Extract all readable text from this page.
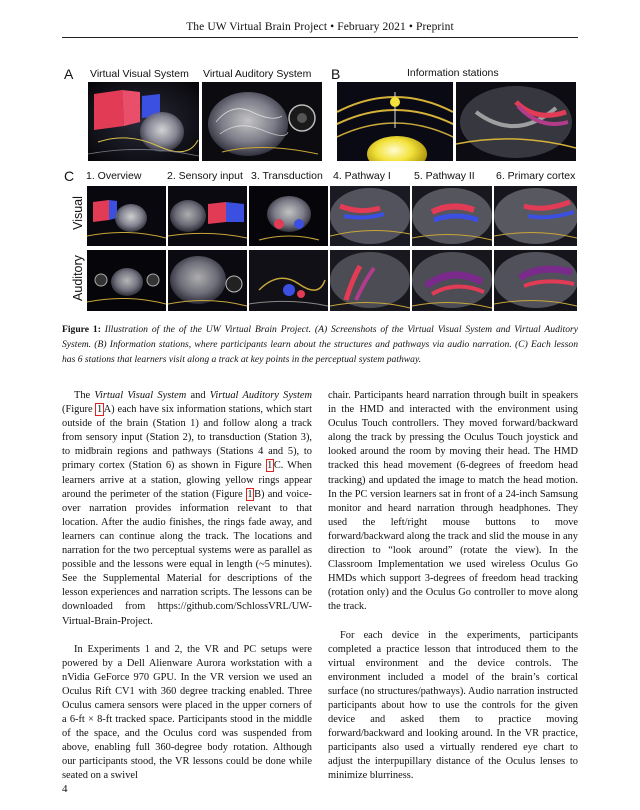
The UW Virtual Brain Project • February 2021 • Preprint
A Virtual Visual System Virtual Auditory System B	Information stations
C 1. Overview 2. Sensory input 3. Transduction 4. Pathway I 5. Pathway II 6. Primary cortex
Visual
Auditory
Figure 1: Illustration of the of the UW Virtual Brain Project. (A) Screenshots of the Virtual Visual System and Virtual Auditory System. (B) Information stations, where participants learn about the structures and pathways via audio narration. (C) Each lesson has 6 stations that learners visit along a track at key points in the perceptual system pathway.

The Virtual Visual System and Virtual Auditory System (Figure 1 A) each have six information stations, which start outside of the brain (Station 1) and follow along a track from sensory input (Station 2), to transduction (Station 3), to midbrain regions and pathways (Stations 4 and 5), to primary cortex (Station 6) as shown in Figure 1 C. When learners arrive at a station, glowing yellow rings appear around the perimeter of the station (Figure 1 B) and voice-over narration provides information relevant to that location. After the audio finishes, the rings fade away, and learners can continue along the track. The locations and narration for the two perceptual systems were as parallel as possible and the lessons were equal in length (~5 minutes). See the Supplemental Material for descriptions of the lesson experiences and narration scripts. The lessons can be downloaded from https://github.com/SchlossVRL/UW-Virtual-Brain-Project.

In Experiments 1 and 2, the VR and PC setups were powered by a Dell Alienware Aurora workstation with a nVidia GeForce 970 GPU. In the VR version we used an Oculus Rift CV1 with 360 degree tracking enabled. Three Oculus camera sensors were placed in the upper corners of a 6-ft × 8-ft tracked space. Participants stood in the middle of the space, and the Oculus cord was suspended from above, enabling full 360-degree body rotation. Although our participants stood, the VR lessons could be done while seated on a swivel

chair. Participants heard narration through built in speakers in the HMD and interacted with the environment using Oculus Touch controllers. They moved forward/backward along the track by pressing the Oculus Touch joystick and looked around the room by moving their head. The HMD tracked this head movement (6-degrees of freedom head tracking) and updated the image to match the head motion. In the PC version learners sat in front of a 24-inch Samsung monitor and heard narration through headphones. They used the left/right mouse buttons to move forward/backward along the track and slid the mouse in any direction to “look around” (rotate the view). In the Classroom Implementation we used wireless Oculus Go HMDs which support 3-degrees of freedom head tracking (rotation only) and the Oculus Go controller to move along the track.

For each device in the experiments, participants completed a practice lesson that introduced them to the virtual environment and the device controls. The environment included a model of the brain’s cortical surface (no structures/pathways). Audio narration instructed participants about how to use the controls for the given device and asked them to practice moving forward/backward and looking around. In the VR practice, participants also used a virtually rendered eye chart to adjust the interpupillary distance of the Oculus lenses to minimize blurriness.

4
